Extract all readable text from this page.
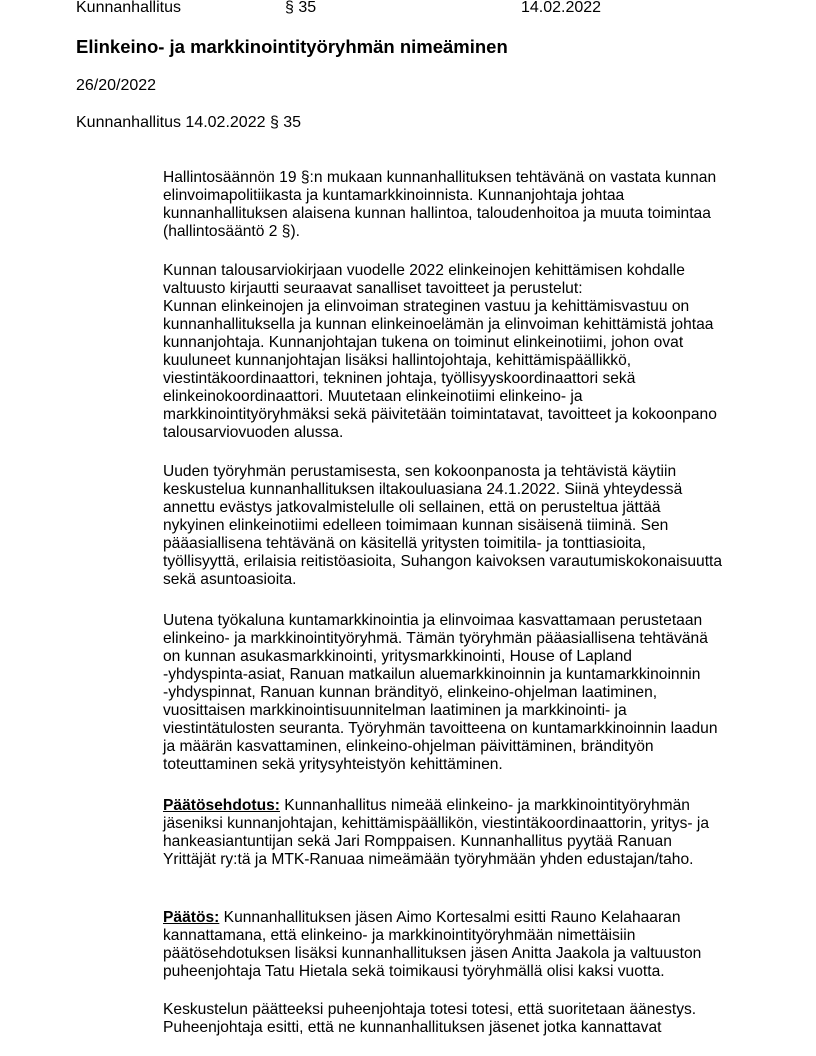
Kunnanhallitus	§ 35	14.02.2022
Elinkeino- ja markkinointityöryhmän nimeäminen
26/20/2022
Kunnanhallitus 14.02.2022 § 35

Hallintosäännön 19 §:n mukaan kunnanhallituksen tehtävänä on vastata kunnan
elinvoimapolitiikasta ja kuntamarkkinoinnista. Kunnanjohtaja johtaa
kunnanhallituksen alaisena kunnan hallintoa, taloudenhoitoa ja muuta toimintaa
(hallintosääntö 2 §).

Kunnan talousarviokirjaan vuodelle 2022 elinkeinojen kehittämisen kohdalle
valtuusto kirjautti seuraavat sanalliset tavoitteet ja perustelut:
Kunnan elinkeinojen ja elinvoiman strateginen vastuu ja kehittämisvastuu on
kunnanhallituksella ja kunnan elinkeinoelämän ja elinvoiman kehittämistä johtaa
kunnanjohtaja. Kunnanjohtajan tukena on toiminut elinkeinotiimi, johon ovat
kuuluneet kunnanjohtajan lisäksi hallintojohtaja, kehittämispäällikkö,
viestintäkoordinaattori, tekninen johtaja, työllisyyskoordinaattori sekä
elinkeinokoordinaattori. Muutetaan elinkeinotiimi elinkeino- ja
markkinointityöryhmäksi sekä päivitetään toimintatavat, tavoitteet ja kokoonpano
talousarviovuoden alussa.

Uuden työryhmän perustamisesta, sen kokoonpanosta ja tehtävistä käytiin
keskustelua kunnanhallituksen iltakouluasiana 24.1.2022. Siinä yhteydessä
annettu evästys jatkovalmistelulle oli sellainen, että on perusteltua jättää
nykyinen elinkeinotiimi edelleen toimimaan kunnan sisäisenä tiiminä. Sen
pääasiallisena tehtävänä on käsitellä yritysten toimitila- ja tonttiasioita,
työllisyyttä, erilaisia reitistöasioita, Suhangon kaivoksen varautumiskokonaisuutta
sekä asuntoasioita.

Uutena työkaluna kuntamarkkinointia ja elinvoimaa kasvattamaan perustetaan
elinkeino- ja markkinointityöryhmä. Tämän työryhmän pääasiallisena tehtävänä
on kunnan asukasmarkkinointi, yritysmarkkinointi, House of Lapland
-yhdyspinta-asiat, Ranuan matkailun aluemarkkinoinnin ja kuntamarkkinoinnin
-yhdyspinnat, Ranuan kunnan brändityö, elinkeino-ohjelman laatiminen,
vuosittaisen markkinointisuunnitelman laatiminen ja markkinointi- ja
viestintätulosten seuranta. Työryhmän tavoitteena on kuntamarkkinoinnin laadun
ja määrän kasvattaminen, elinkeino-ohjelman päivittäminen, brändityön
toteuttaminen sekä yritysyhteistyön kehittäminen.

Päätösehdotus: Kunnanhallitus nimeää elinkeino- ja markkinointityöryhmän
jäseniksi kunnanjohtajan, kehittämispäällikön, viestintäkoordinaattorin, yritys- ja
hankeasiantuntijan sekä Jari Romppaisen. Kunnanhallitus pyytää Ranuan
Yrittäjät ry:tä ja MTK-Ranuaa nimeämään työryhmään yhden edustajan/taho.

Päätös: Kunnanhallituksen jäsen Aimo Kortesalmi esitti Rauno Kelahaaran
kannattamana, että elinkeino- ja markkinointityöryhmään nimettäisiin
päätösehdotuksen lisäksi kunnanhallituksen jäsen Anitta Jaakola ja valtuuston
puheenjohtaja Tatu Hietala sekä toimikausi työryhmällä olisi kaksi vuotta.

Keskustelun päätteeksi puheenjohtaja totesi totesi, että suoritetaan äänestys.
Puheenjohtaja esitti, että ne kunnanhallituksen jäsenet jotka kannattavat
